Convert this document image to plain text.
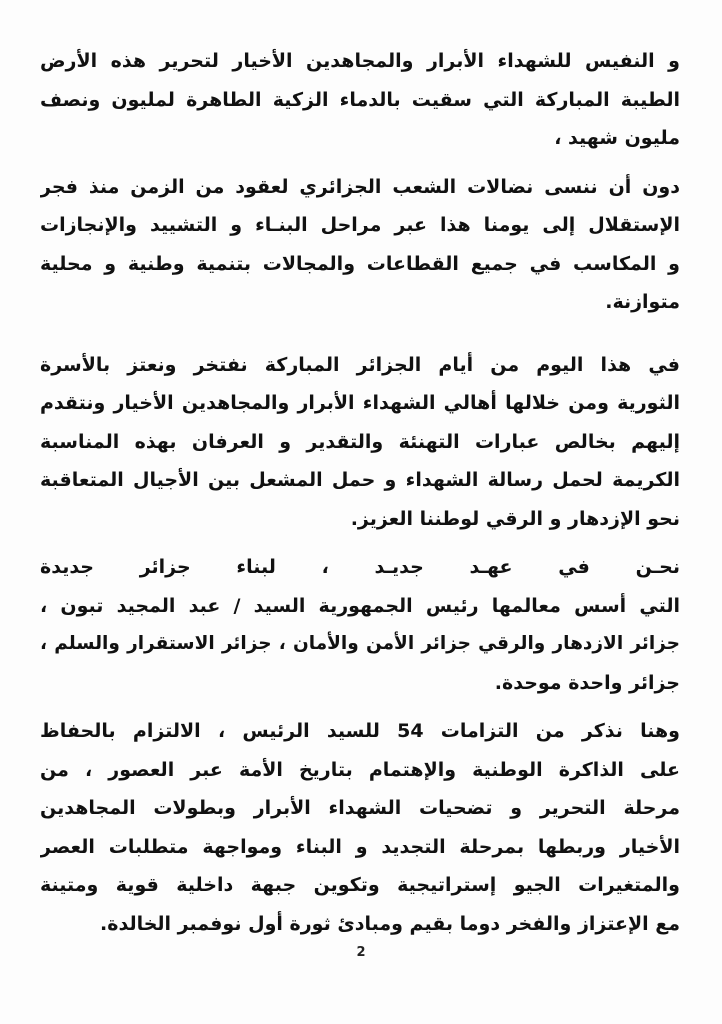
و النفيس للشهداء الأبرار والمجاهدين الأخيار لتحرير هذه الأرض
الطيبة المباركة التي سقيت بالدماء الزكية الطاهرة لمليون ونصف
مليون شهيد ،
دون أن ننسى نضالات الشعب الجزائري لعقود من الزمن منذ فجر
الإستقلال إلى يومنا هذا عبر مراحل البنـاء و التشييد والإنجازات
و المكاسب في جميع القطاعات والمجالات بتنمية وطنية و محلية
متوازنة.
في هذا اليوم من أيام الجزائر المباركة نفتخر ونعتز بالأسرة
الثورية ومن خلالها أهالي الشهداء الأبرار والمجاهدين الأخيار ونتقدم
إليهم بخالص عبارات التهنئة والتقدير و العرفان بهذه المناسبة
الكريمة لحمل رسالة الشهداء و حمل المشعل بين الأجيال المتعاقبة
نحو الإزدهار و الرقي لوطننا العزيز.
نحـن في عهـد جديـد ، لبناء جزائر جديدة
التي أسس معالمها رئيس الجمهورية السيد / عبد المجيد تبون ،
جزائر الازدهار والرقي جزائر الأمن والأمان ، جزائر الاستقرار والسلم ،
جزائر واحدة موحدة.
وهنا نذكر من التزامات 54 للسيد الرئيس ، الالتزام بالحفاظ
على الذاكرة الوطنية والإهتمام بتاريخ الأمة عبر العصور ، من
مرحلة التحرير و تضحيات الشهداء الأبرار وبطولات المجاهدين
الأخيار وربطها بمرحلة التجديد و البناء ومواجهة متطلبات العصر
والمتغيرات الجيو إستراتيجية وتكوين جبهة داخلية قوية ومتينة
مع الإعتزاز والفخر دوما بقيم ومبادئ ثورة أول نوفمبر الخالدة.
2
